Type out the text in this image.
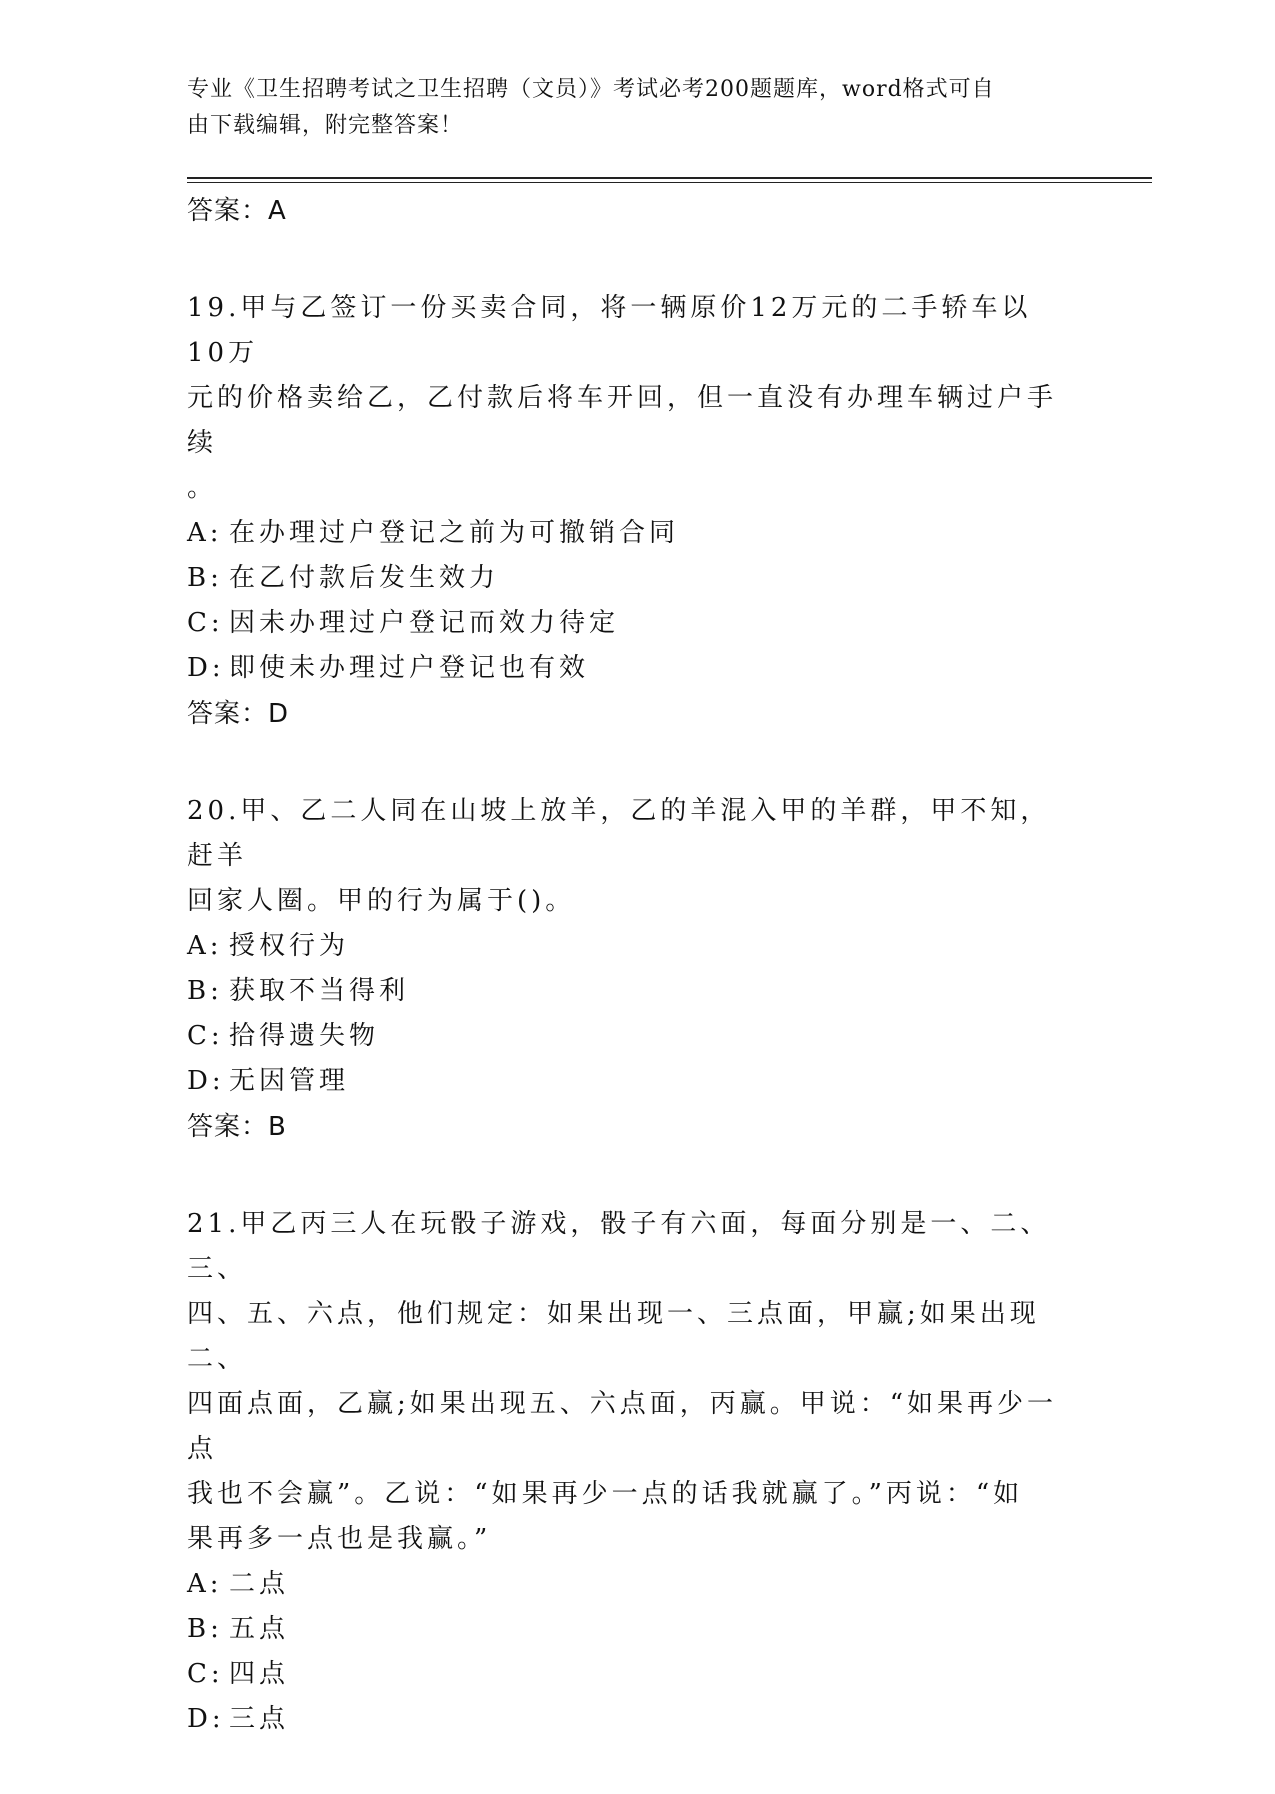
专业《卫生招聘考试之卫生招聘（文员）》考试必考200题题库，word格式可自
由下载编辑，附完整答案！
答案：A

19.甲与乙签订一份买卖合同，将一辆原价12万元的二手轿车以10万
元的价格卖给乙，乙付款后将车开回，但一直没有办理车辆过户手续
。

A: 在办理过户登记之前为可撤销合同
B: 在乙付款后发生效力
C: 因未办理过户登记而效力待定
D: 即使未办理过户登记也有效
答案：D

20.甲、乙二人同在山坡上放羊，乙的羊混入甲的羊群，甲不知，赶羊
回家人圈。甲的行为属于()。

A: 授权行为
B: 获取不当得利
C: 拾得遗失物
D: 无因管理
答案：B

21.甲乙丙三人在玩骰子游戏，骰子有六面，每面分别是一、二、三、
四、五、六点，他们规定：如果出现一、三点面，甲赢;如果出现二、
四面点面，乙赢;如果出现五、六点面，丙赢。甲说：“如果再少一点
我也不会赢”。乙说：“如果再少一点的话我就赢了。”丙说：“如
果再多一点也是我赢。”

A: 二点
B: 五点
C: 四点
D: 三点
